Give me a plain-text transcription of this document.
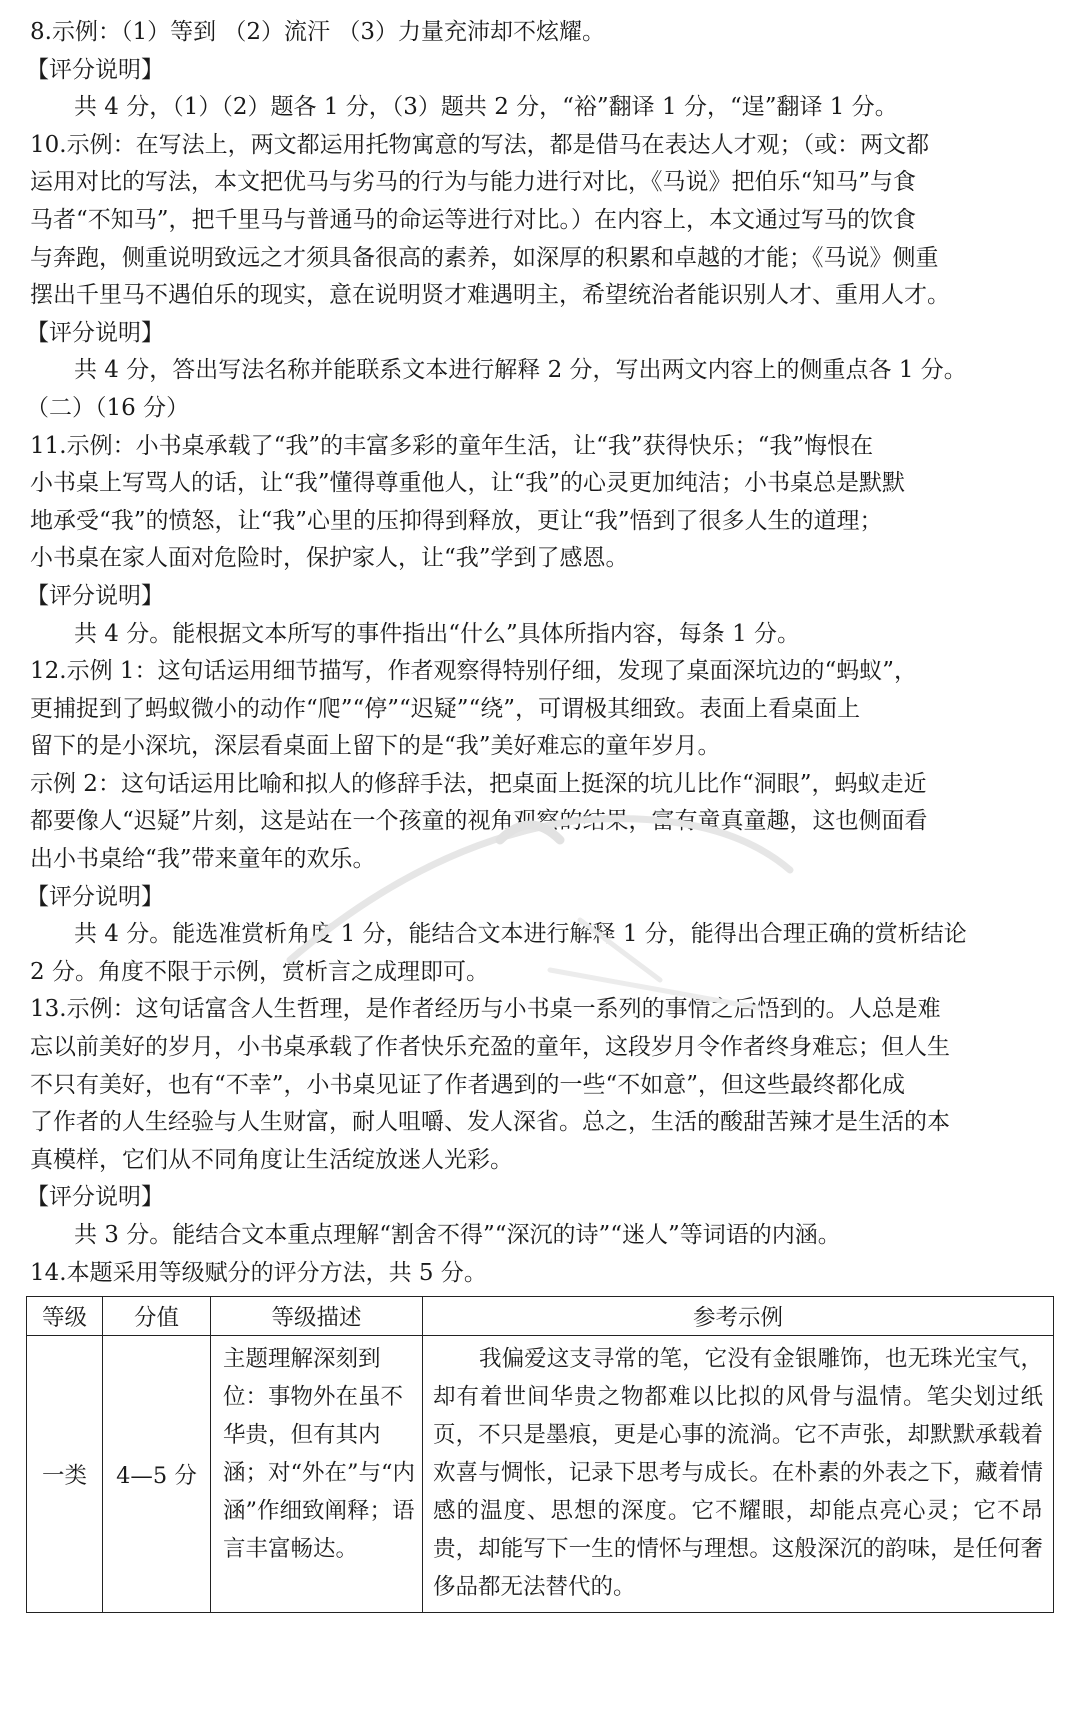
8.示例：（1）等到 （2）流汗 （3）力量充沛却不炫耀。
【评分说明】
共 4 分，（1）（2）题各 1 分，（3）题共 2 分，“裕”翻译 1 分，“逞”翻译 1 分。
10.示例：在写法上，两文都运用托物寓意的写法，都是借马在表达人才观；（或：两文都
运用对比的写法，本文把优马与劣马的行为与能力进行对比，《马说》把伯乐“知马”与食
马者“不知马”，把千里马与普通马的命运等进行对比。）在内容上，本文通过写马的饮食
与奔跑，侧重说明致远之才须具备很高的素养，如深厚的积累和卓越的才能；《马说》侧重
摆出千里马不遇伯乐的现实，意在说明贤才难遇明主，希望统治者能识别人才、重用人才。
【评分说明】
共 4 分，答出写法名称并能联系文本进行解释 2 分，写出两文内容上的侧重点各 1 分。
（二）（16 分）
11.示例：小书桌承载了“我”的丰富多彩的童年生活，让“我”获得快乐；“我”悔恨在
小书桌上写骂人的话，让“我”懂得尊重他人，让“我”的心灵更加纯洁；小书桌总是默默
地承受“我”的愤怒，让“我”心里的压抑得到释放，更让“我”悟到了很多人生的道理；
小书桌在家人面对危险时，保护家人，让“我”学到了感恩。
【评分说明】
共 4 分。能根据文本所写的事件指出“什么”具体所指内容，每条 1 分。
12.示例 1：这句话运用细节描写，作者观察得特别仔细，发现了桌面深坑边的“蚂蚁”，
更捕捉到了蚂蚁微小的动作“爬”“停”“迟疑”“绕”，可谓极其细致。表面上看桌面上
留下的是小深坑，深层看桌面上留下的是“我”美好难忘的童年岁月。
示例 2：这句话运用比喻和拟人的修辞手法，把桌面上挺深的坑儿比作“洞眼”，蚂蚁走近
都要像人“迟疑”片刻，这是站在一个孩童的视角观察的结果，富有童真童趣，这也侧面看
出小书桌给“我”带来童年的欢乐。
【评分说明】
共 4 分。能选准赏析角度 1 分，能结合文本进行解释 1 分，能得出合理正确的赏析结论
2 分。角度不限于示例，赏析言之成理即可。
13.示例：这句话富含人生哲理，是作者经历与小书桌一系列的事情之后悟到的。人总是难
忘以前美好的岁月，小书桌承载了作者快乐充盈的童年，这段岁月令作者终身难忘；但人生
不只有美好，也有“不幸”，小书桌见证了作者遇到的一些“不如意”，但这些最终都化成
了作者的人生经验与人生财富，耐人咀嚼、发人深省。总之，生活的酸甜苦辣才是生活的本
真模样，它们从不同角度让生活绽放迷人光彩。
【评分说明】
共 3 分。能结合文本重点理解“割舍不得”“深沉的诗”“迷人”等词语的内涵。
14.本题采用等级赋分的评分方法，共 5 分。
等级	分值	等级描述	参考示例
一类	4—5 分	主题理解深刻到位：事物外在虽不华贵，但有其内涵；对“外在”与“内涵”作细致阐释；语言丰富畅达。	我偏爱这支寻常的笔，它没有金银雕饰，也无珠光宝气，却有着世间华贵之物都难以比拟的风骨与温情。笔尖划过纸页，不只是墨痕，更是心事的流淌。它不声张，却默默承载着欢喜与惆怅，记录下思考与成长。在朴素的外表之下，藏着情感的温度、思想的深度。它不耀眼，却能点亮心灵；它不昂贵，却能写下一生的情怀与理想。这般深沉的韵味，是任何奢侈品都无法替代的。
